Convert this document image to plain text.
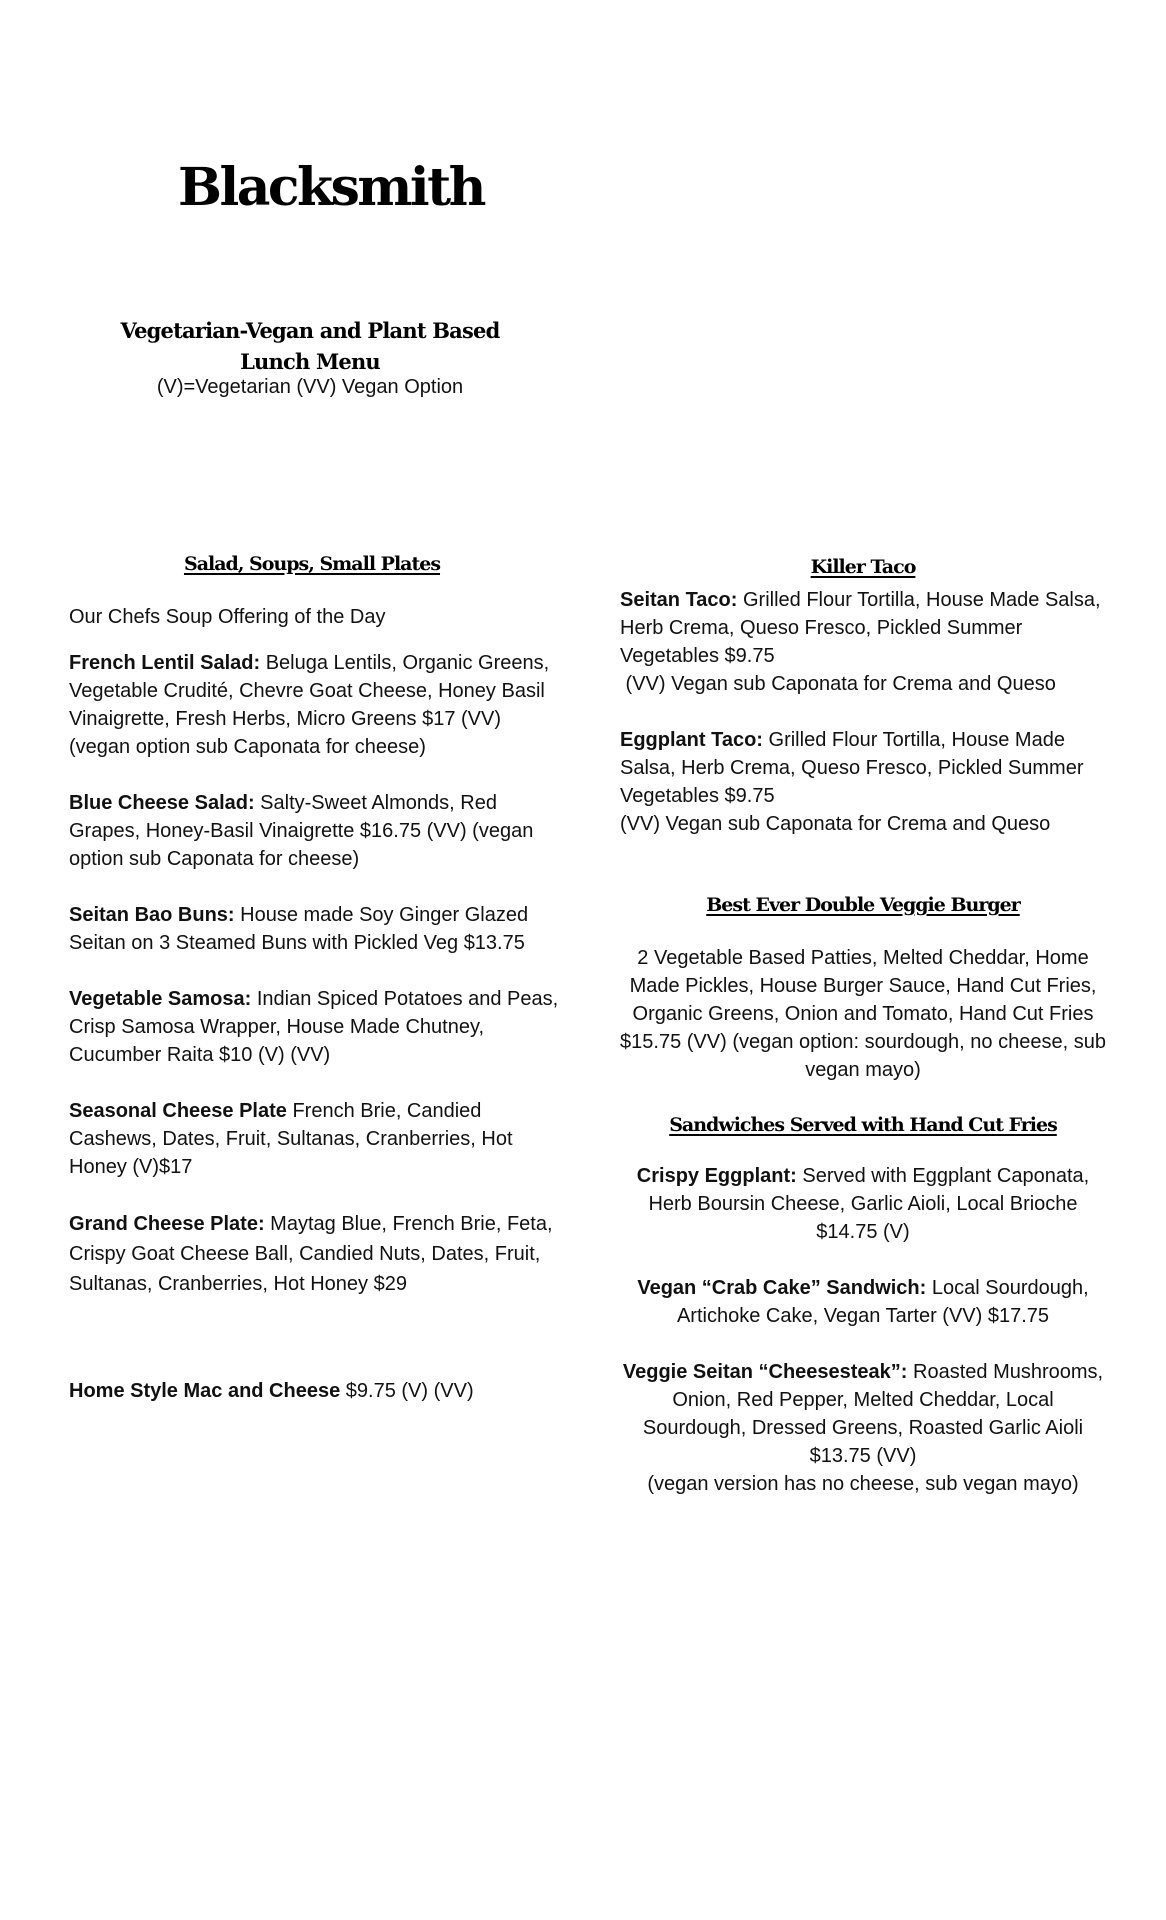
Blacksmith
Vegetarian-Vegan and Plant Based
Lunch Menu
(V)=Vegetarian (VV) Vegan Option
Salad, Soups, Small Plates
Our Chefs Soup Offering of the Day
French Lentil Salad: Beluga Lentils, Organic Greens, Vegetable Crudité, Chevre Goat Cheese, Honey Basil Vinaigrette, Fresh Herbs, Micro Greens $17 (VV)(vegan option sub Caponata for cheese)
Blue Cheese Salad: Salty-Sweet Almonds, Red Grapes, Honey-Basil Vinaigrette $16.75 (VV) (vegan option sub Caponata for cheese)
Seitan Bao Buns: House made Soy Ginger Glazed Seitan on 3 Steamed Buns with Pickled Veg $13.75
Vegetable Samosa: Indian Spiced Potatoes and Peas, Crisp Samosa Wrapper, House Made Chutney, Cucumber Raita $10 (V) (VV)
Seasonal Cheese Plate French Brie, Candied Cashews, Dates, Fruit, Sultanas, Cranberries, Hot Honey (V)$17
Grand Cheese Plate: Maytag Blue, French Brie, Feta, Crispy Goat Cheese Ball, Candied Nuts, Dates, Fruit, Sultanas, Cranberries, Hot Honey $29
Home Style Mac and Cheese $9.75 (V) (VV)
Killer Taco
Seitan Taco: Grilled Flour Tortilla, House Made Salsa, Herb Crema, Queso Fresco, Pickled Summer Vegetables $9.75
(VV) Vegan sub Caponata for Crema and Queso
Eggplant Taco: Grilled Flour Tortilla, House Made Salsa, Herb Crema, Queso Fresco, Pickled Summer Vegetables $9.75
(VV) Vegan sub Caponata for Crema and Queso
Best Ever Double Veggie Burger
2 Vegetable Based Patties, Melted Cheddar, Home Made Pickles, House Burger Sauce, Hand Cut Fries, Organic Greens, Onion and Tomato, Hand Cut Fries $15.75 (VV) (vegan option: sourdough, no cheese, sub vegan mayo)
Sandwiches Served with Hand Cut Fries
Crispy Eggplant: Served with Eggplant Caponata, Herb Boursin Cheese, Garlic Aioli, Local Brioche $14.75 (V)
Vegan “Crab Cake” Sandwich: Local Sourdough, Artichoke Cake, Vegan Tarter (VV) $17.75
Veggie Seitan “Cheesesteak”: Roasted Mushrooms, Onion, Red Pepper, Melted Cheddar, Local Sourdough, Dressed Greens, Roasted Garlic Aioli $13.75 (VV)
(vegan version has no cheese, sub vegan mayo)
